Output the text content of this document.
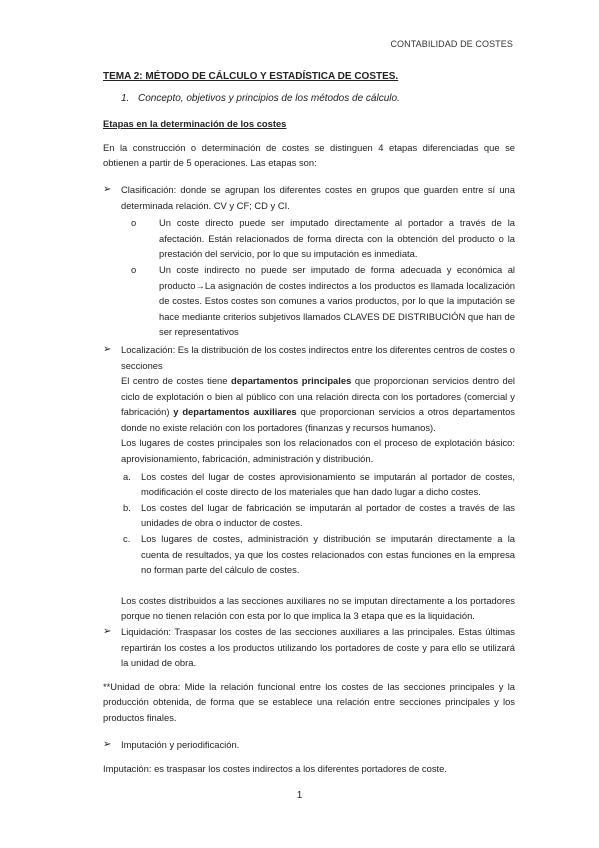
CONTABILIDAD DE COSTES
TEMA 2: MÉTODO DE CÁLCULO Y ESTADÍSTICA DE COSTES.
1. Concepto, objetivos y principios de los métodos de cálculo.
Etapas en la determinación de los costes

En la construcción o determinación de costes se distinguen 4 etapas diferenciadas que se obtienen a partir de 5 operaciones. Las etapas son:

➢ Clasificación: donde se agrupan los diferentes costes en grupos que guarden entre sí una determinada relación. CV y CF; CD y CI.
o Un coste directo puede ser imputado directamente al portador a través de la afectación. Están relacionados de forma directa con la obtención del producto o la prestación del servicio, por lo que su imputación es inmediata.
o Un coste indirecto no puede ser imputado de forma adecuada y económica al producto→La asignación de costes indirectos a los productos es llamada localización de costes. Estos costes son comunes a varios productos, por lo que la imputación se hace mediante criterios subjetivos llamados CLAVES DE DISTRIBUCIÓN que han de ser representativos
➢ Localización: Es la distribución de los costes indirectos entre los diferentes centros de costes o secciones
El centro de costes tiene departamentos principales que proporcionan servicios dentro del ciclo de explotación o bien al público con una relación directa con los portadores (comercial y fabricación) y departamentos auxiliares que proporcionan servicios a otros departamentos donde no existe relación con los portadores (finanzas y recursos humanos).
Los lugares de costes principales son los relacionados con el proceso de explotación básico: aprovisionamiento, fabricación, administración y distribución.
a. Los costes del lugar de costes aprovisionamiento se imputarán al portador de costes, modificación el coste directo de los materiales que han dado lugar a dicho costes.
b. Los costes del lugar de fabricación se imputarán al portador de costes a través de las unidades de obra o inductor de costes.
c. Los lugares de costes, administración y distribución se imputarán directamente a la cuenta de resultados, ya que los costes relacionados con estas funciones en la empresa no forman parte del cálculo de costes.
Los costes distribuidos a las secciones auxiliares no se imputan directamente a los portadores porque no tienen relación con esta por lo que implica la 3 etapa que es la liquidación.
➢ Liquidación: Traspasar los costes de las secciones auxiliares a las principales. Estas últimas repartirán los costes a los productos utilizando los portadores de coste y para ello se utilizará la unidad de obra.

**Unidad de obra: Mide la relación funcional entre los costes de las secciones principales y la producción obtenida, de forma que se establece una relación entre secciones principales y los productos finales.

➢ Imputación y periodificación.

Imputación: es traspasar los costes indirectos a los diferentes portadores de coste.

1
